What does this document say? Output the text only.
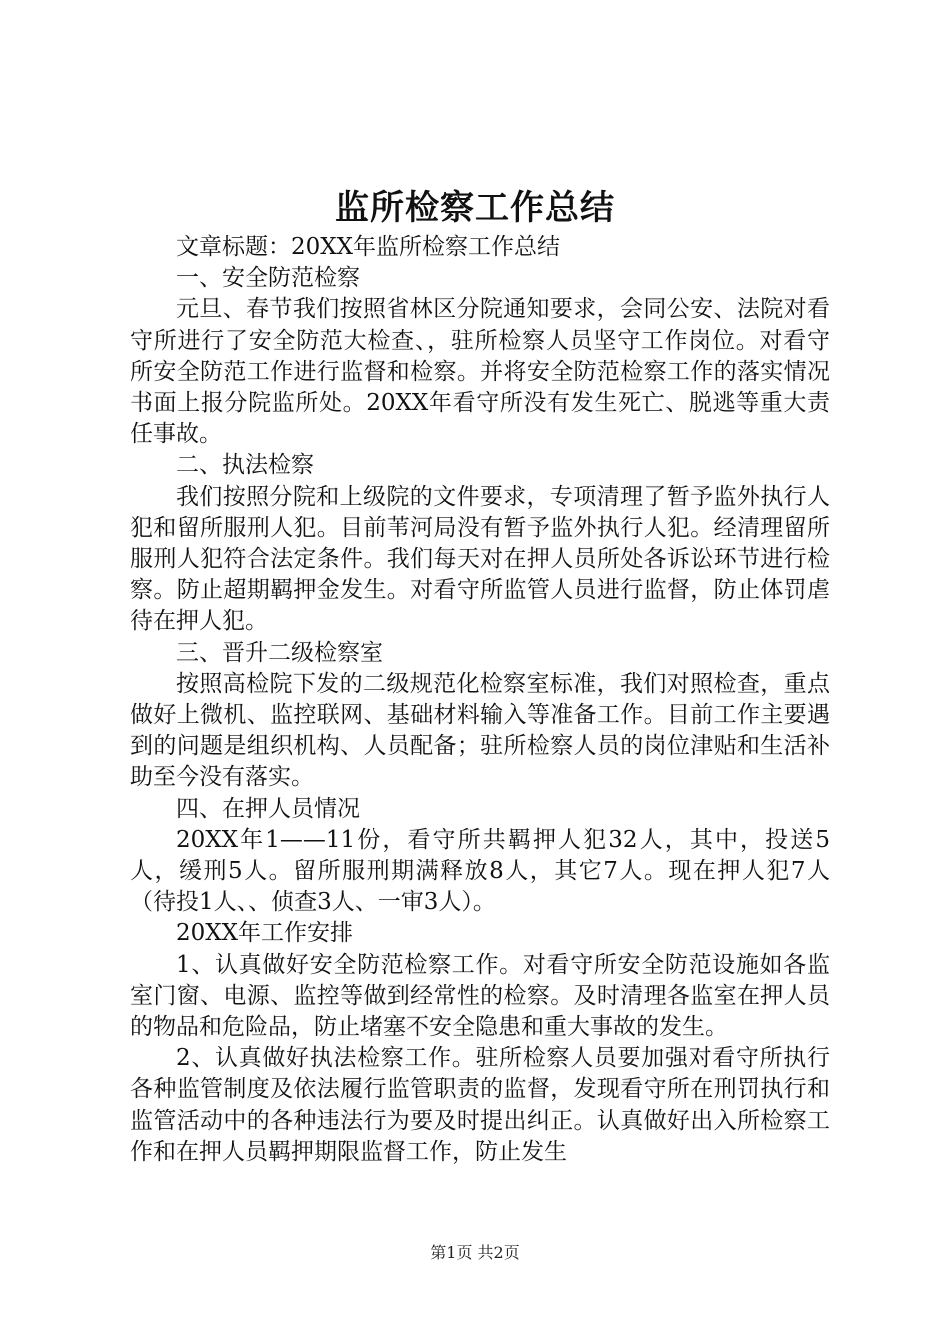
监所检察工作总结

文章标题：20XX年监所检察工作总结

一、安全防范检察

元旦、春节我们按照省林区分院通知要求，会同公安、法院对看守所进行了安全防范大检查、，驻所检察人员坚守工作岗位。对看守所安全防范工作进行监督和检察。并将安全防范检察工作的落实情况书面上报分院监所处。20XX年看守所没有发生死亡、脱逃等重大责任事故。

二、执法检察

我们按照分院和上级院的文件要求，专项清理了暂予监外执行人犯和留所服刑人犯。目前苇河局没有暂予监外执行人犯。经清理留所服刑人犯符合法定条件。我们每天对在押人员所处各诉讼环节进行检察。防止超期羁押金发生。对看守所监管人员进行监督，防止体罚虐待在押人犯。

三、晋升二级检察室

按照高检院下发的二级规范化检察室标准，我们对照检查，重点做好上微机、监控联网、基础材料输入等准备工作。目前工作主要遇到的问题是组织机构、人员配备；驻所检察人员的岗位津贴和生活补助至今没有落实。

四、在押人员情况

20XX年1——11份，看守所共羁押人犯32人，其中，投送5人，缓刑5人。留所服刑期满释放8人，其它7人。现在押人犯7人（待投1人、、侦查3人、一审3人）。

20XX年工作安排

1、认真做好安全防范检察工作。对看守所安全防范设施如各监室门窗、电源、监控等做到经常性的检察。及时清理各监室在押人员的物品和危险品，防止堵塞不安全隐患和重大事故的发生。

2、认真做好执法检察工作。驻所检察人员要加强对看守所执行各种监管制度及依法履行监管职责的监督，发现看守所在刑罚执行和监管活动中的各种违法行为要及时提出纠正。认真做好出入所检察工作和在押人员羁押期限监督工作，防止发生

第1页 共2页
